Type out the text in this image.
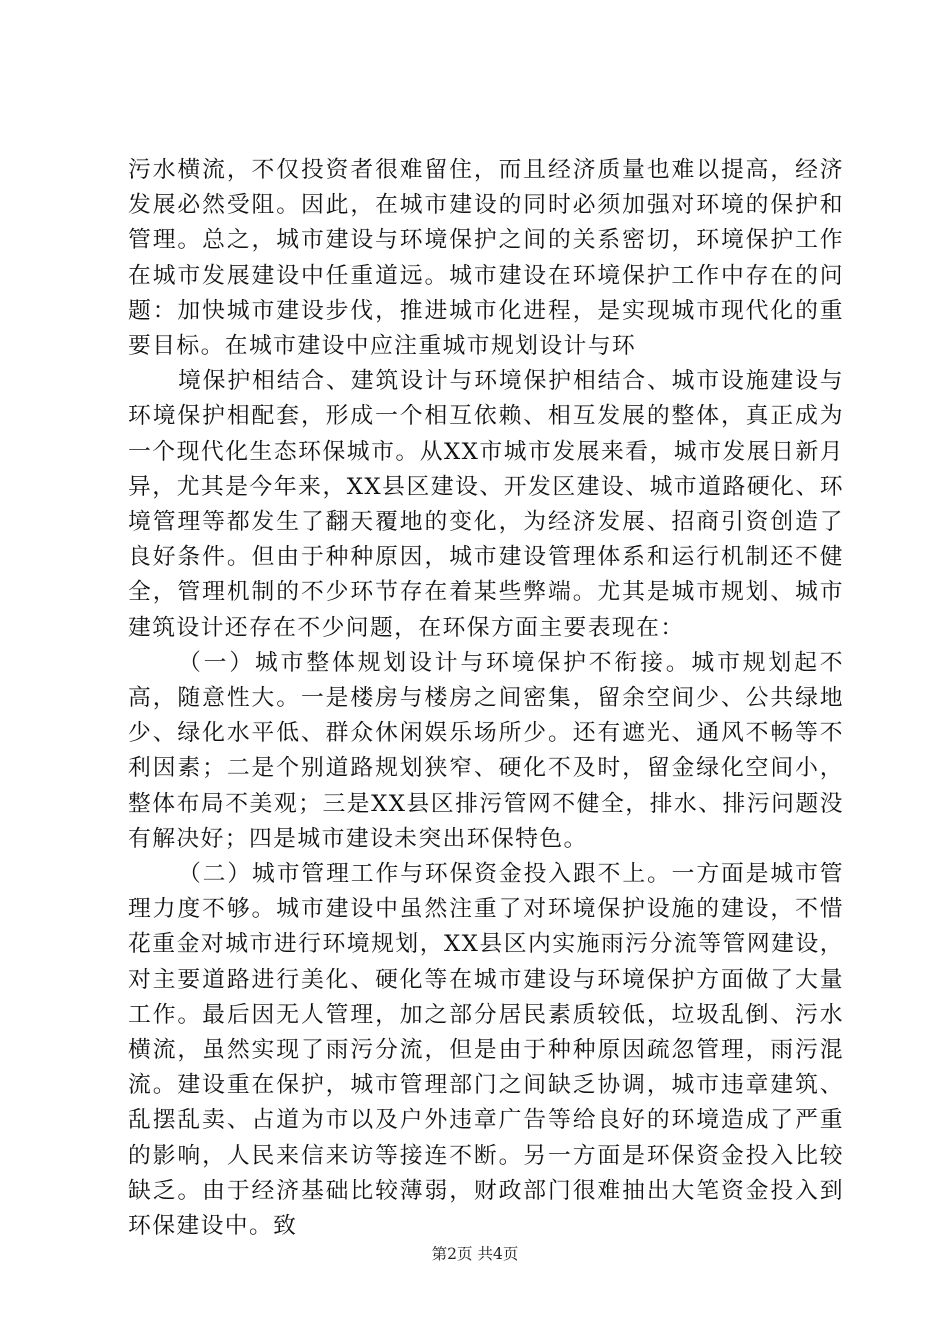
污水横流，不仅投资者很难留住，而且经济质量也难以提高，经济发展必然受阻。因此，在城市建设的同时必须加强对环境的保护和管理。总之，城市建设与环境保护之间的关系密切，环境保护工作在城市发展建设中任重道远。城市建设在环境保护工作中存在的问题：加快城市建设步伐，推进城市化进程，是实现城市现代化的重要目标。在城市建设中应注重城市规划设计与环

境保护相结合、建筑设计与环境保护相结合、城市设施建设与环境保护相配套，形成一个相互依赖、相互发展的整体，真正成为一个现代化生态环保城市。从XX市城市发展来看，城市发展日新月异，尤其是今年来，XX县区建设、开发区建设、城市道路硬化、环境管理等都发生了翻天覆地的变化，为经济发展、招商引资创造了良好条件。但由于种种原因，城市建设管理体系和运行机制还不健全，管理机制的不少环节存在着某些弊端。尤其是城市规划、城市建筑设计还存在不少问题，在环保方面主要表现在：

（一）城市整体规划设计与环境保护不衔接。城市规划起不高，随意性大。一是楼房与楼房之间密集，留余空间少、公共绿地少、绿化水平低、群众休闲娱乐场所少。还有遮光、通风不畅等不利因素；二是个别道路规划狭窄、硬化不及时，留金绿化空间小，整体布局不美观；三是XX县区排污管网不健全，排水、排污问题没有解决好；四是城市建设未突出环保特色。

（二）城市管理工作与环保资金投入跟不上。一方面是城市管理力度不够。城市建设中虽然注重了对环境保护设施的建设，不惜花重金对城市进行环境规划，XX县区内实施雨污分流等管网建设，对主要道路进行美化、硬化等在城市建设与环境保护方面做了大量工作。最后因无人管理，加之部分居民素质较低，垃圾乱倒、污水横流，虽然实现了雨污分流，但是由于种种原因疏忽管理，雨污混流。建设重在保护，城市管理部门之间缺乏协调，城市违章建筑、乱摆乱卖、占道为市以及户外违章广告等给良好的环境造成了严重的影响，人民来信来访等接连不断。另一方面是环保资金投入比较缺乏。由于经济基础比较薄弱，财政部门很难抽出大笔资金投入到环保建设中。致

第2页 共4页
